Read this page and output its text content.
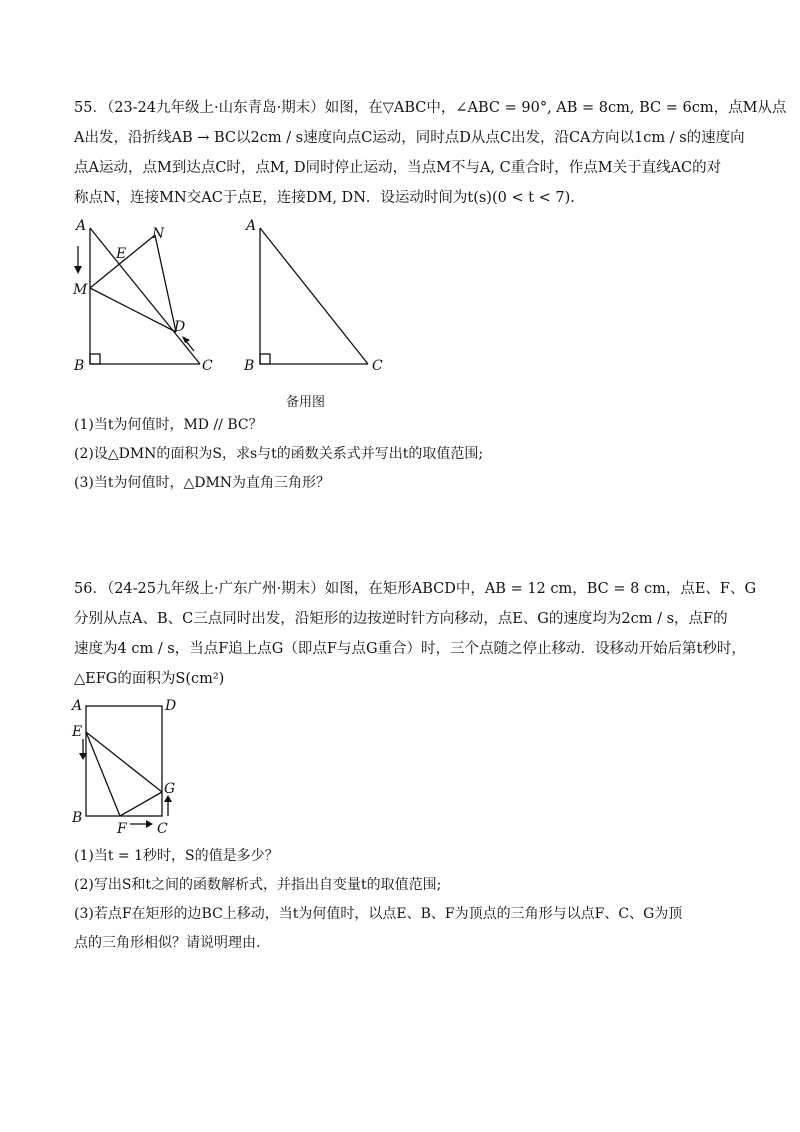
55．（23-24九年级上·山东青岛·期末）如图，在▽ABC中，∠ABC = 90°, AB = 8cm, BC = 6cm，点M从点
A出发，沿折线AB → BC以2cm / s速度向点C运动，同时点D从点C出发，沿CA方向以1cm / s的速度向
点A运动，点M到达点C时，点M, D同时停止运动，当点M不与A, C重合时，作点M关于直线AC的对
称点N，连接MN交AC于点E，连接DM, DN．设运动时间为t(s)(0 < t < 7).
A
E
N
M
D
B	C
A
B	C
备用图
(1)当t为何值时，MD // BC？
(2)设△DMN的面积为S，求s与t的函数关系式并写出t的取值范围;
(3)当t为何值时，△DMN为直角三角形？
56．（24-25九年级上·广东广州·期末）如图，在矩形ABCD中，AB = 12 cm，BC = 8 cm，点E、F、G
分别从点A、B、C三点同时出发，沿矩形的边按逆时针方向移动，点E、G的速度均为2cm / s，点F的
速度为4 cm / s，当点F追上点G（即点F与点G重合）时，三个点随之停止移动．设移动开始后第t秒时，
△EFG的面积为S(cm²)
A	D
E
B
F C
G
(1)当t = 1秒时，S的值是多少？
(2)写出S和t之间的函数解析式，并指出自变量t的取值范围;
(3)若点F在矩形的边BC上移动，当t为何值时，以点E、B、F为顶点的三角形与以点F、C、G为顶
点的三角形相似？请说明理由.
